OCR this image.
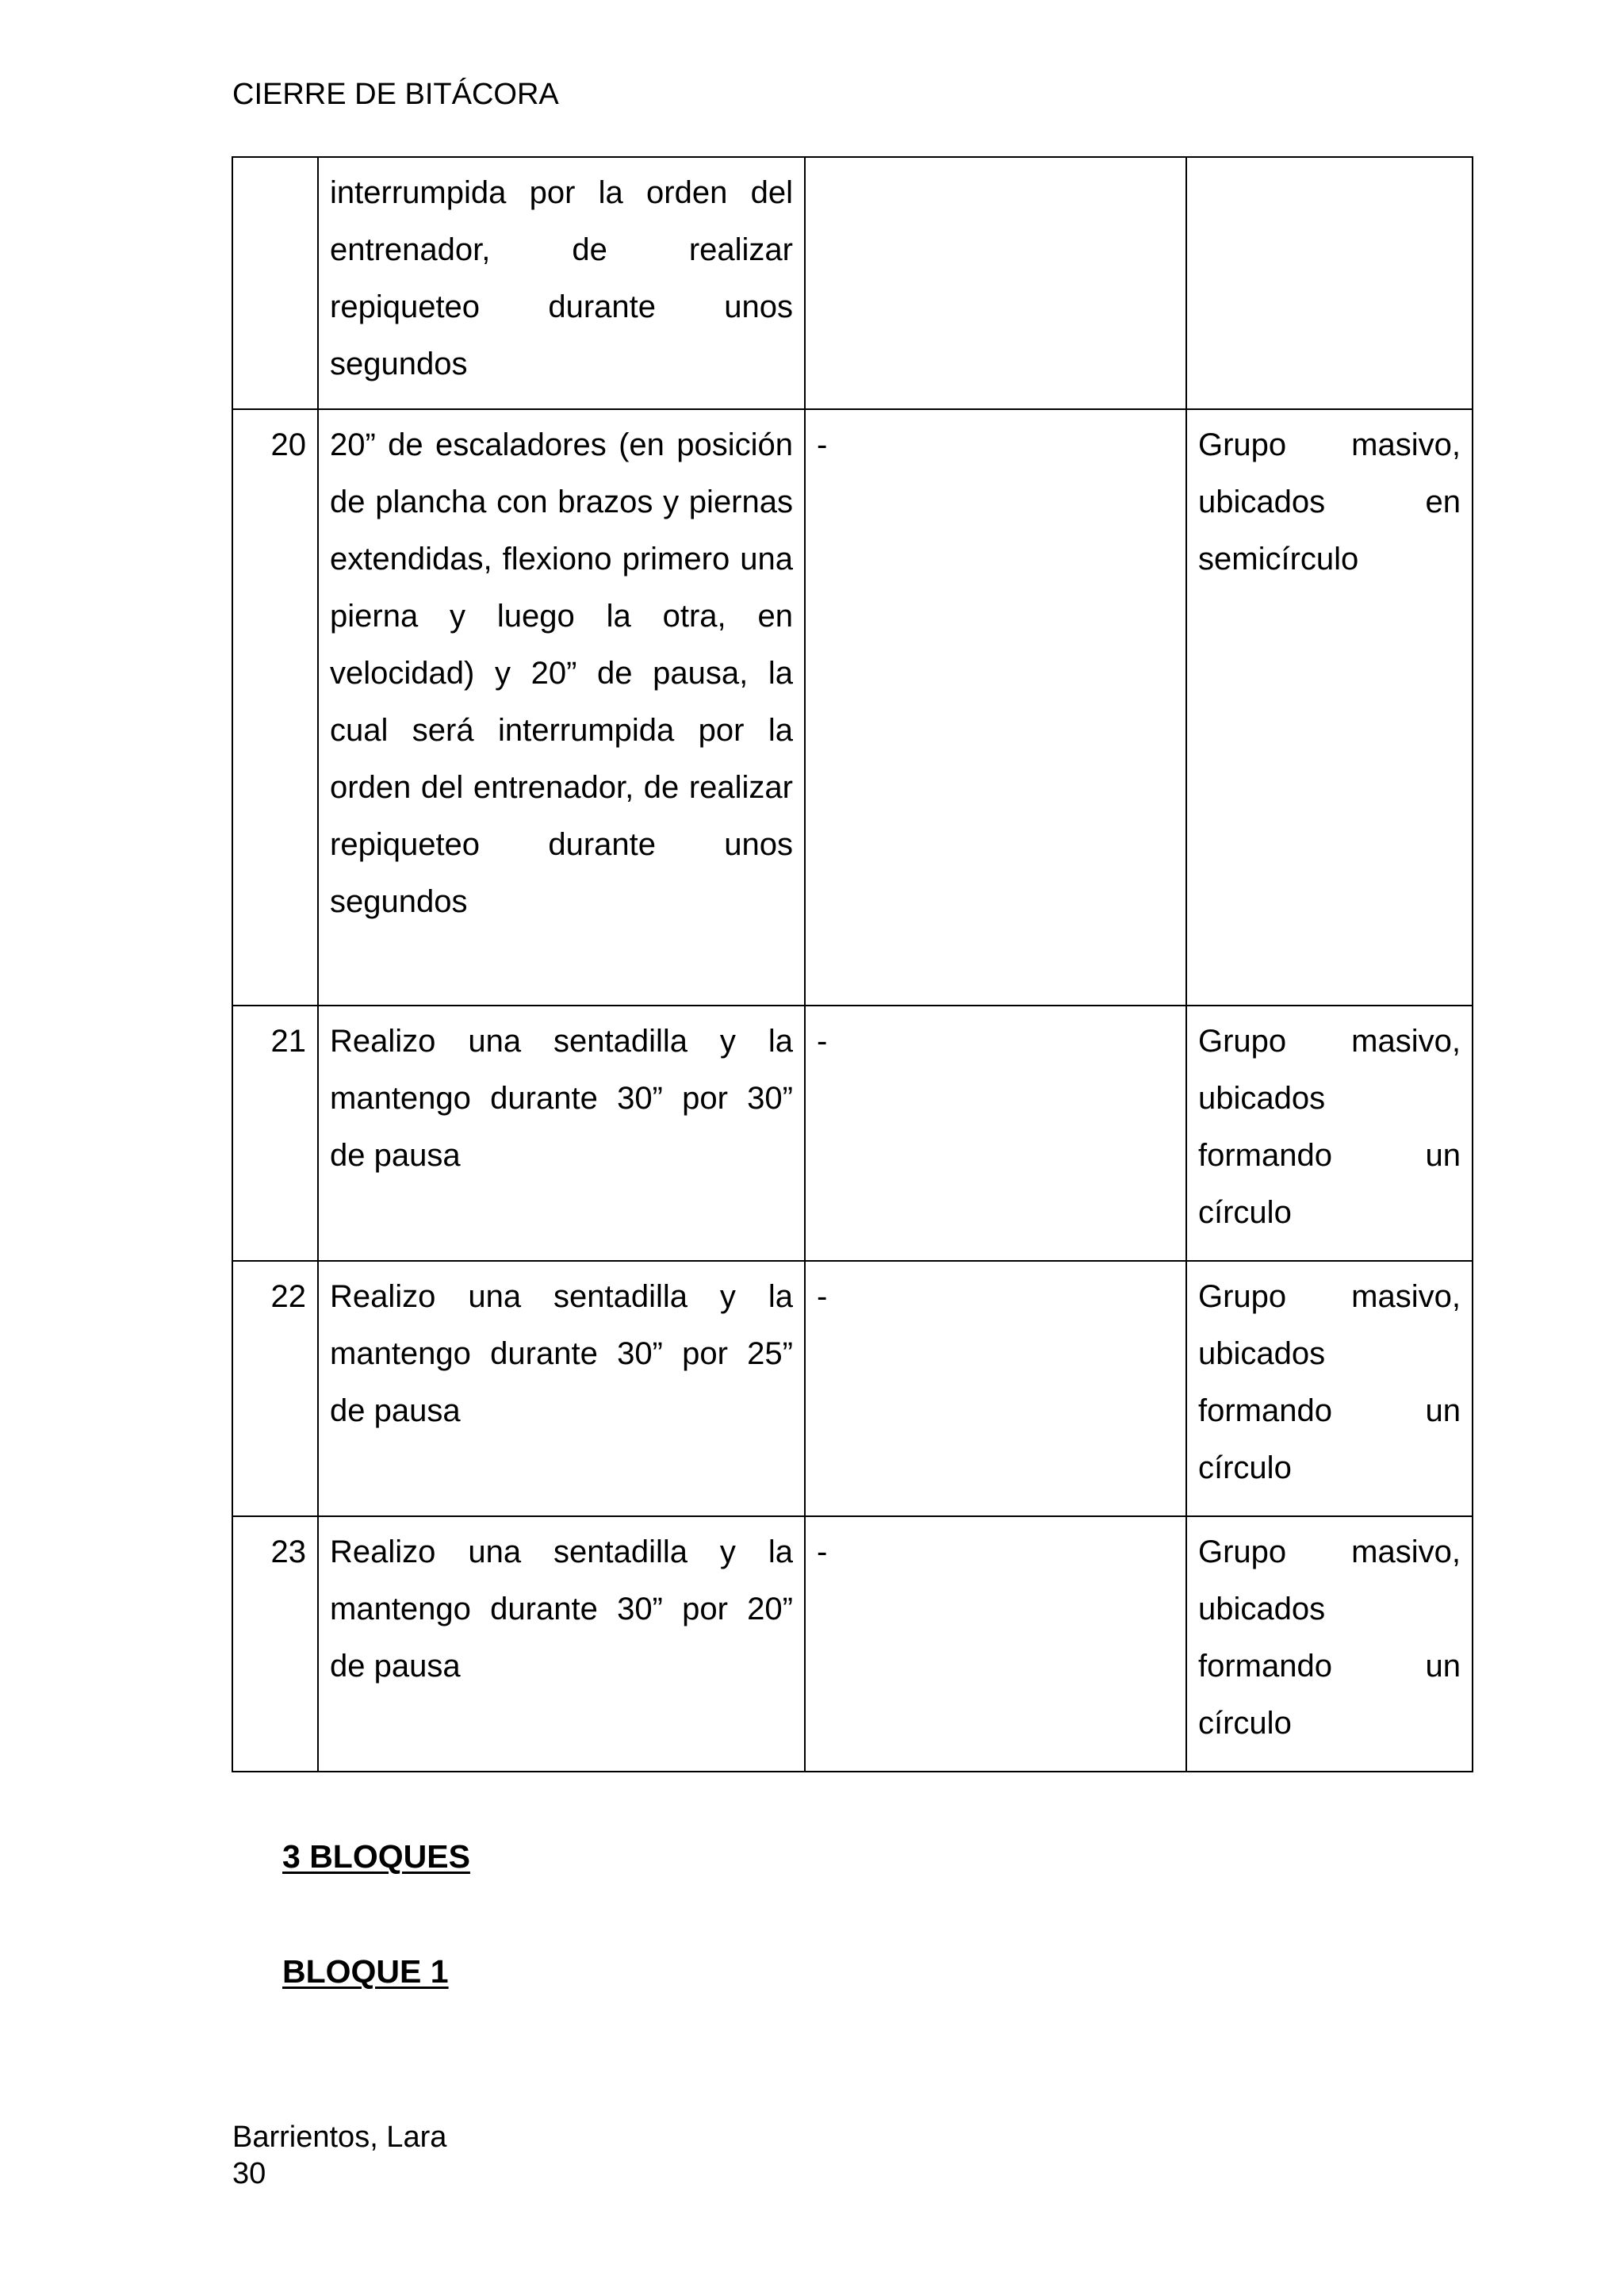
CIERRE DE BITÁCORA
	interrumpida por la orden del entrenador, de realizar repiqueteo durante unos segundos		
20	20” de escaladores (en posición de plancha con brazos y piernas extendidas, flexiono primero una pierna y luego la otra, en velocidad) y 20” de pausa, la cual será interrumpida por la orden del entrenador, de realizar repiqueteo durante unos segundos	-	Grupo masivo, ubicados en semicírculo
21	Realizo una sentadilla y la mantengo durante 30” por 30” de pausa	-	Grupo masivo, ubicados formando un círculo
22	Realizo una sentadilla y la mantengo durante 30” por 25” de pausa	-	Grupo masivo, ubicados formando un círculo
23	Realizo una sentadilla y la mantengo durante 30” por 20” de pausa	-	Grupo masivo, ubicados formando un círculo
3 BLOQUES
BLOQUE 1
Barrientos, Lara
30
